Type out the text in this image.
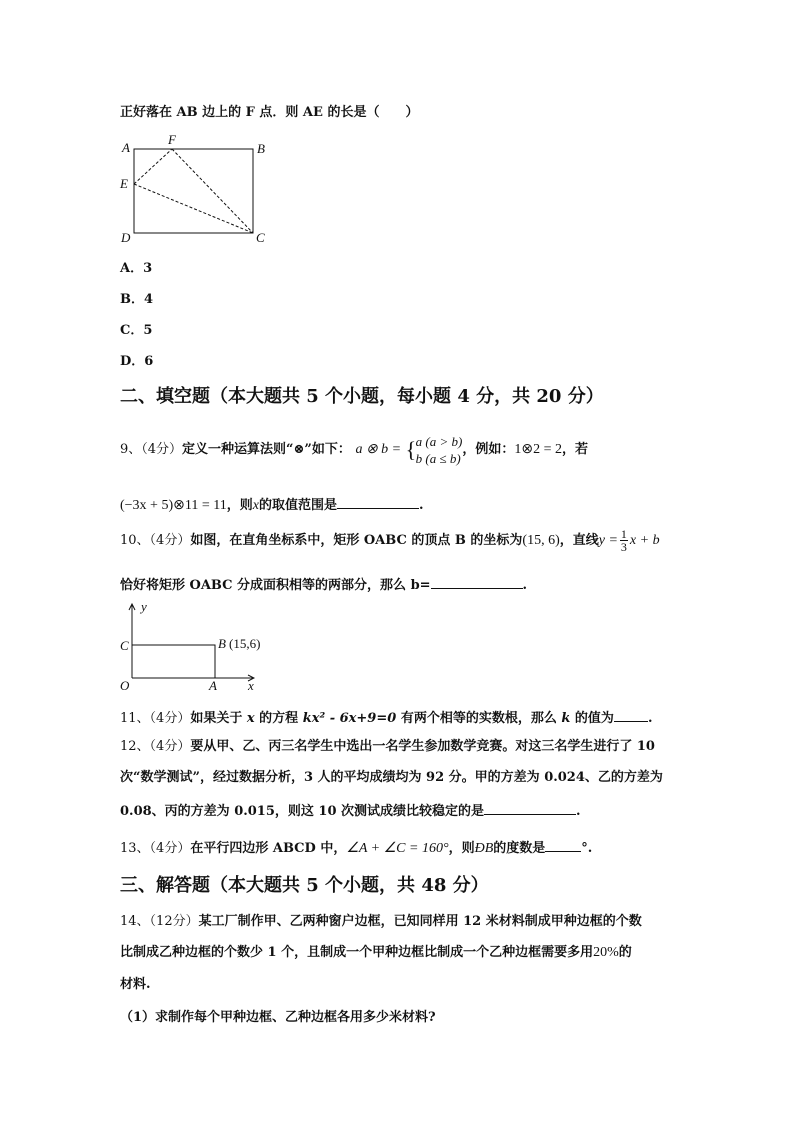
正好落在 AB 边上的 F 点．则 AE 的长是（　　）
A
F
B
E
D	C
A．3
B．4
C．5
D．6
二、填空题（本大题共 5 个小题，每小题 4 分，共 20 分）
9、（4分）定义一种运算法则“⊗”如下： a ⊗ b = { a (a > b)
b (a ≤ b)
，例如：1⊗2 = 2，若
(−3x + 5)⊗11 = 11，则x的取值范围是	.
10、（4分）如图，在直角坐标系中，矩形 OABC 的顶点 B 的坐标为(15, 6)，直线$y = \frac{1}{3}$ x + b
恰好将矩形 OABC 分成面积相等的两部分，那么 b=	.
y
x
O	A
C	B (15,6)
11、（4分）如果关于 x 的方程 kx² - 6x+9=0 有两个相等的实数根，那么 k 的值为	.
12、（4分）要从甲、乙、丙三名学生中选出一名学生参加数学竞赛。对这三名学生进行了 10
次“数学测试”，经过数据分析，3 人的平均成绩均为 92 分。甲的方差为 0.024、乙的方差为
0.08、丙的方差为 0.015，则这 10 次测试成绩比较稳定的是	.
13、（4分）在平行四边形 ABCD 中，∠A + ∠C = 160°，则ÐB的度数是	°.
三、解答题（本大题共 5 个小题，共 48 分）
14、（12分）某工厂制作甲、乙两种窗户边框，已知同样用 12 米材料制成甲种边框的个数
比制成乙种边框的个数少 1 个，且制成一个甲种边框比制成一个乙种边框需要多用20%的
材料.
（1）求制作每个甲种边框、乙种边框各用多少米材料?
